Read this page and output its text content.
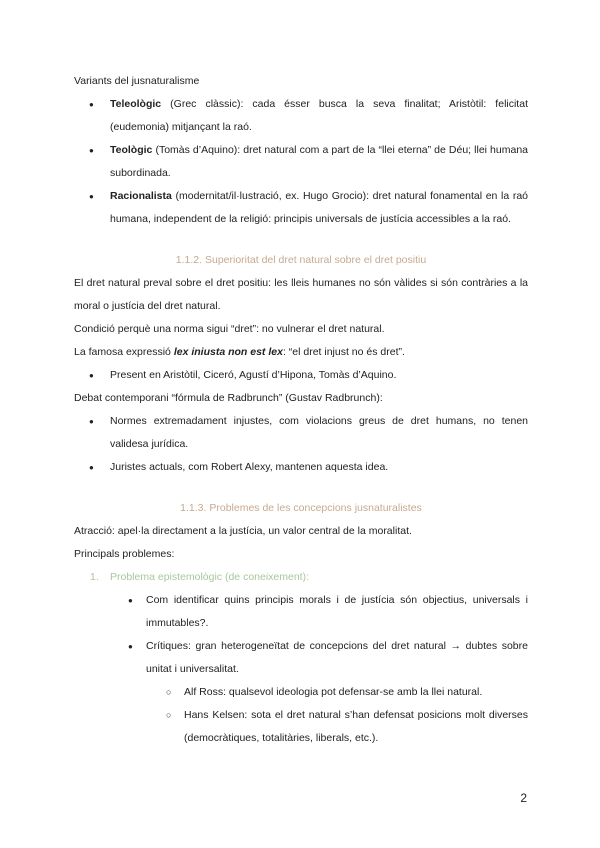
Variants del jusnaturalisme

● Teleològic (Grec clàssic): cada ésser busca la seva finalitat; Aristòtil: felicitat (eudemonia) mitjançant la raó.
● Teològic (Tomàs d’Aquino): dret natural com a part de la “llei eterna” de Déu; llei humana subordinada.
● Racionalista (modernitat/il·lustració, ex. Hugo Grocio): dret natural fonamental en la raó humana, independent de la religió: principis universals de justícia accessibles a la raó.

1.1.2. Superioritat del dret natural sobre el dret positiu

El dret natural preval sobre el dret positiu: les lleis humanes no són vàlides si són contràries a la moral o justícia del dret natural.

Condició perquè una norma sigui “dret”: no vulnerar el dret natural.

La famosa expressió lex iniusta non est lex: “el dret injust no és dret”.

● Present en Aristòtil, Ciceró, Agustí d’Hipona, Tomàs d’Aquino.

Debat contemporani “fórmula de Radbrunch” (Gustav Radbrunch):

● Normes extremadament injustes, com violacions greus de dret humans, no tenen validesa jurídica.
● Juristes actuals, com Robert Alexy, mantenen aquesta idea.

1.1.3. Problemes de les concepcions jusnaturalistes

Atracció: apel·la directament a la justícia, un valor central de la moralitat.

Principals problemes:

1. Problema epistemològic (de coneixement):

● Com identificar quins principis morals i de justícia són objectius, universals i immutables?.
● Crítiques: gran heterogeneïtat de concepcions del dret natural → dubtes sobre unitat i universalitat.
○ Alf Ross: qualsevol ideologia pot defensar-se amb la llei natural.
○ Hans Kelsen: sota el dret natural s’han defensat posicions molt diverses (democràtiques, totalitàries, liberals, etc.).
2
